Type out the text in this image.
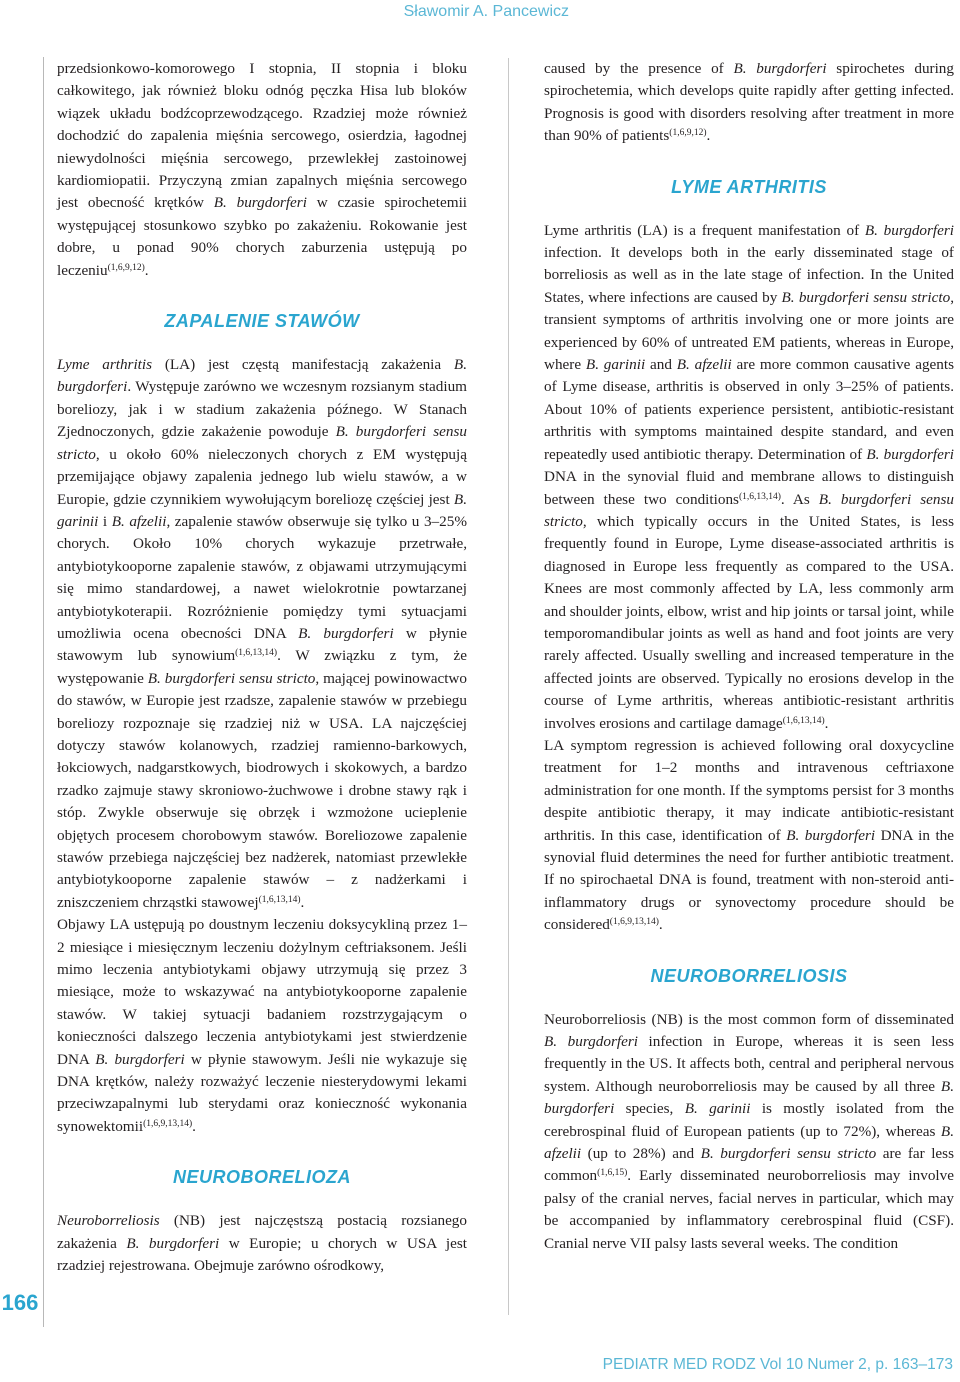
Sławomir A. Pancewicz
166

przedsionkowo-komorowego I stopnia, II stopnia i bloku całkowitego, jak również bloku odnóg pęczka Hisa lub bloków wiązek układu bodźcoprzewodzącego. Rzadziej może również dochodzić do zapalenia mięśnia sercowego, osierdzia, łagodnej niewydolności mięśnia sercowego, przewlekłej zastoinowej kardiomiopatii. Przyczyną zmian zapalnych mięśnia sercowego jest obecność krętków B. burgdorferi w czasie spirochetemii występującej stosunkowo szybko po zakażeniu. Rokowanie jest dobre, u ponad 90% chorych zaburzenia ustępują po leczeniu$^{(1,6,9,12)}$.

ZAPALENIE STAWÓW

Lyme arthritis (LA) jest częstą manifestacją zakażenia B. burgdorferi. Występuje zarówno we wczesnym rozsianym stadium boreliozy, jak i w stadium zakażenia późnego. W Stanach Zjednoczonych, gdzie zakażenie powoduje B. burgdorferi sensu stricto, u około 60% nieleczonych chorych z EM występują przemijające objawy zapalenia jednego lub wielu stawów, a w Europie, gdzie czynnikiem wywołującym boreliozę częściej jest B. garinii i B. afzelii, zapalenie stawów obserwuje się tylko u 3–25% chorych. Około 10% chorych wykazuje przetrwałe, antybiotykooporne zapalenie stawów, z objawami utrzymującymi się mimo standardowej, a nawet wielokrotnie powtarzanej antybiotykoterapii. Rozróżnienie pomiędzy tymi sytuacjami umożliwia ocena obecności DNA B. burgdorferi w płynie stawowym lub synowium$^{(1,6,13,14)}$. W związku z tym, że występowanie B. burgdorferi sensu stricto, mającej powinowactwo do stawów, w Europie jest rzadsze, zapalenie stawów w przebiegu boreliozy rozpoznaje się rzadziej niż w USA. LA najczęściej dotyczy stawów kolanowych, rzadziej ramienno-barkowych, łokciowych, nadgarstkowych, biodrowych i skokowych, a bardzo rzadko zajmuje stawy skroniowo-żuchwowe i drobne stawy rąk i stóp. Zwykle obserwuje się obrzęk i wzmożone ucieplenie objętych procesem chorobowym stawów. Boreliozowe zapalenie stawów przebiega najczęściej bez nadżerek, natomiast przewlekłe antybiotykooporne zapalenie stawów – z nadżerkami i zniszczeniem chrząstki stawowej$^{(1,6,13,14)}$.

Objawy LA ustępują po doustnym leczeniu doksycykliną przez 1–2 miesiące i miesięcznym leczeniu dożylnym ceftriaksonem. Jeśli mimo leczenia antybiotykami objawy utrzymują się przez 3 miesiące, może to wskazywać na antybiotykooporne zapalenie stawów. W takiej sytuacji badaniem rozstrzygającym o konieczności dalszego leczenia antybiotykami jest stwierdzenie DNA B. burgdorferi w płynie stawowym. Jeśli nie wykazuje się DNA krętków, należy rozważyć leczenie niesterydowymi lekami przeciwzapalnymi lub sterydami oraz konieczność wykonania synowektomii$^{(1,6,9,13,14)}$.

NEUROBORELIOZA

Neuroborreliosis (NB) jest najczęstszą postacią rozsianego zakażenia B. burgdorferi w Europie; u chorych w USA jest rzadziej rejestrowana. Obejmuje zarówno ośrodkowy,

caused by the presence of B. burgdorferi spirochetes during spirochetemia, which develops quite rapidly after getting infected. Prognosis is good with disorders resolving after treatment in more than 90% of patients$^{(1,6,9,12)}$.

LYME ARTHRITIS

Lyme arthritis (LA) is a frequent manifestation of B. burgdorferi infection. It develops both in the early disseminated stage of borreliosis as well as in the late stage of infection. In the United States, where infections are caused by B. burgdorferi sensu stricto, transient symptoms of arthritis involving one or more joints are experienced by 60% of untreated EM patients, whereas in Europe, where B. garinii and B. afzelii are more common causative agents of Lyme disease, arthritis is observed in only 3–25% of patients. About 10% of patients experience persistent, antibiotic-resistant arthritis with symptoms maintained despite standard, and even repeatedly used antibiotic therapy. Determination of B. burgdorferi DNA in the synovial fluid and membrane allows to distinguish between these two conditions$^{(1,6,13,14)}$. As B. burgdorferi sensu stricto, which typically occurs in the United States, is less frequently found in Europe, Lyme disease-associated arthritis is diagnosed in Europe less frequently as compared to the USA. Knees are most commonly affected by LA, less commonly arm and shoulder joints, elbow, wrist and hip joints or tarsal joint, while temporomandibular joints as well as hand and foot joints are very rarely affected. Usually swelling and increased temperature in the affected joints are observed. Typically no erosions develop in the course of Lyme arthritis, whereas antibiotic-resistant arthritis involves erosions and cartilage damage$^{(1,6,13,14)}$.

LA symptom regression is achieved following oral doxycycline treatment for 1–2 months and intravenous ceftriaxone administration for one month. If the symptoms persist for 3 months despite antibiotic therapy, it may indicate antibiotic-resistant arthritis. In this case, identification of B. burgdorferi DNA in the synovial fluid determines the need for further antibiotic treatment. If no spirochaetal DNA is found, treatment with non-steroid anti-inflammatory drugs or synovectomy procedure should be considered$^{(1,6,9,13,14)}$.

NEUROBORRELIOSIS

Neuroborreliosis (NB) is the most common form of disseminated B. burgdorferi infection in Europe, whereas it is seen less frequently in the US. It affects both, central and peripheral nervous system. Although neuroborreliosis may be caused by all three B. burgdorferi species, B. garinii is mostly isolated from the cerebrospinal fluid of European patients (up to 72%), whereas B. afzelii (up to 28%) and B. burgdorferi sensu stricto are far less common$^{(1,6,15)}$. Early disseminated neuroborreliosis may involve palsy of the cranial nerves, facial nerves in particular, which may be accompanied by inflammatory cerebrospinal fluid (CSF). Cranial nerve VII palsy lasts several weeks. The condition

PEDIATR MED RODZ Vol 10 Numer 2, p. 163–173
